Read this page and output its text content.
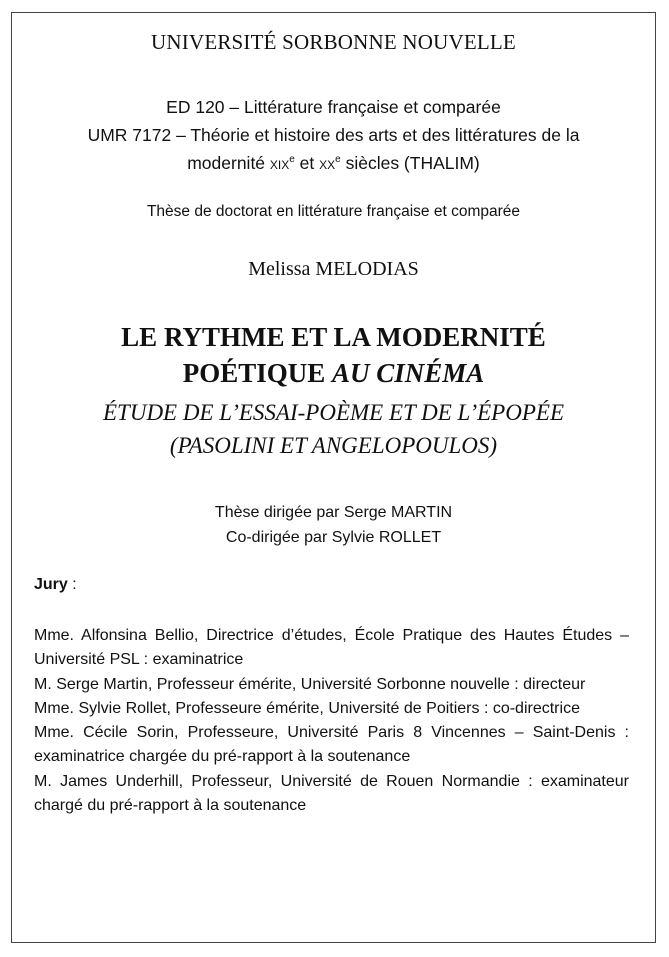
UNIVERSITÉ SORBONNE NOUVELLE
ED 120 – Littérature française et comparée
UMR 7172 – Théorie et histoire des arts et des littératures de la
modernité xix$^e$ et $xx^e$ siècles (THALIM)
Thèse de doctorat en littérature française et comparée
Melissa MELODIAS
LE RYTHME ET LA MODERNITÉ
POÉTIQUE AU CINÉMA
ÉTUDE DE L’ESSAI-POÈME ET DE L’ÉPOPÉE
(PASOLINI ET ANGELOPOULOS)
Thèse dirigée par Serge MARTIN
Co-dirigée par Sylvie ROLLET
Jury :

Mme. Alfonsina Bellio, Directrice d’études, École Pratique des Hautes Études – Université PSL : examinatrice

M. Serge Martin, Professeur émérite, Université Sorbonne nouvelle : directeur

Mme. Sylvie Rollet, Professeure émérite, Université de Poitiers : co-directrice

Mme. Cécile Sorin, Professeure, Université Paris 8 Vincennes – Saint-Denis : examinatrice chargée du pré-rapport à la soutenance

M. James Underhill, Professeur, Université de Rouen Normandie : examinateur chargé du pré-rapport à la soutenance
